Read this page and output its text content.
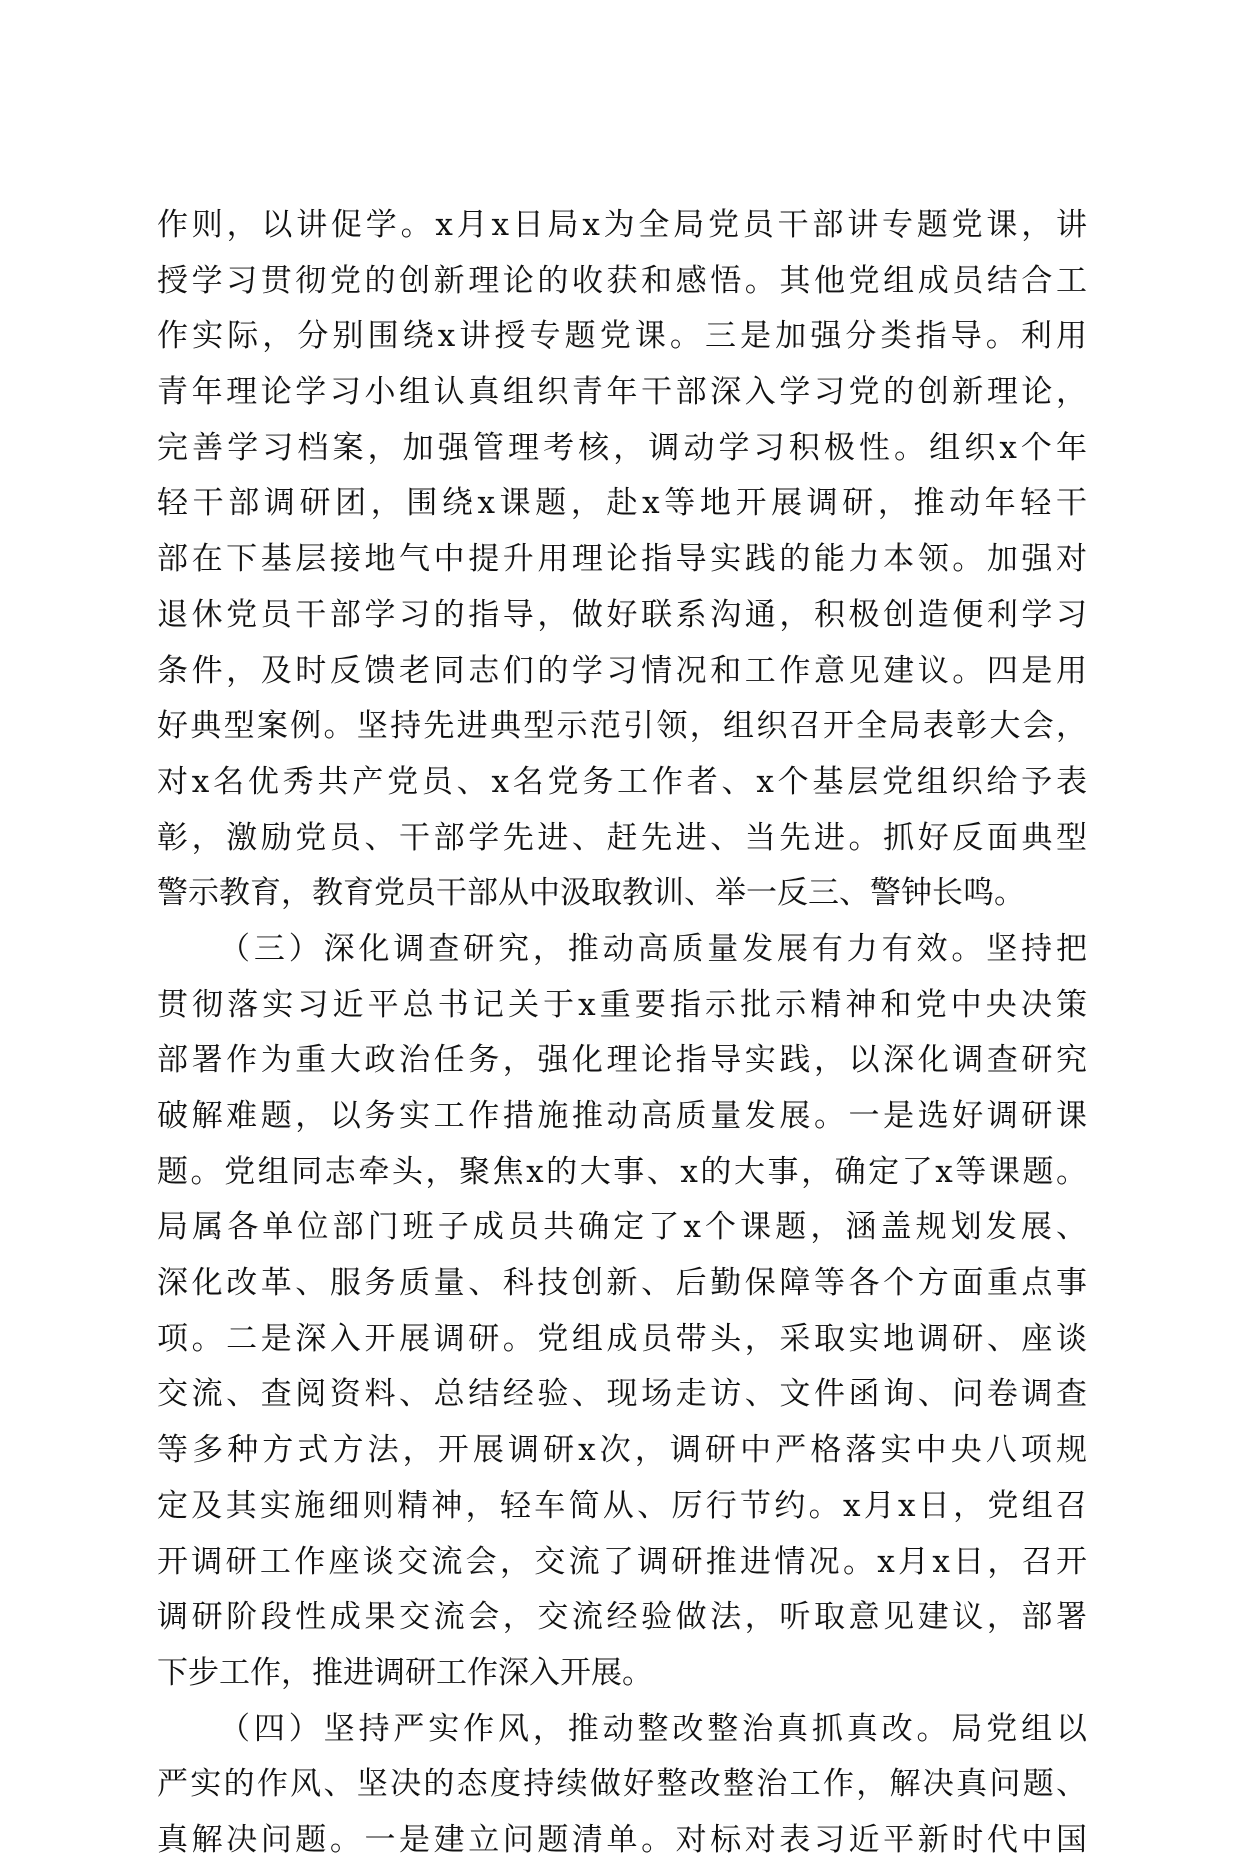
作则，以讲促学。x月x日局x为全局党员干部讲专题党课，讲
授学习贯彻党的创新理论的收获和感悟。其他党组成员结合工
作实际，分别围绕x讲授专题党课。三是加强分类指导。利用
青年理论学习小组认真组织青年干部深入学习党的创新理论，
完善学习档案，加强管理考核，调动学习积极性。组织x个年
轻干部调研团，围绕x课题，赴x等地开展调研，推动年轻干
部在下基层接地气中提升用理论指导实践的能力本领。加强对
退休党员干部学习的指导，做好联系沟通，积极创造便利学习
条件，及时反馈老同志们的学习情况和工作意见建议。四是用
好典型案例。坚持先进典型示范引领，组织召开全局表彰大会，
对x名优秀共产党员、x名党务工作者、x个基层党组织给予表
彰，激励党员、干部学先进、赶先进、当先进。抓好反面典型
警示教育，教育党员干部从中汲取教训、举一反三、警钟长鸣。
（三）深化调查研究，推动高质量发展有力有效。坚持把
贯彻落实习近平总书记关于x重要指示批示精神和党中央决策
部署作为重大政治任务，强化理论指导实践，以深化调查研究
破解难题，以务实工作措施推动高质量发展。一是选好调研课
题。党组同志牵头，聚焦x的大事、x的大事，确定了x等课题。
局属各单位部门班子成员共确定了x个课题，涵盖规划发展、
深化改革、服务质量、科技创新、后勤保障等各个方面重点事
项。二是深入开展调研。党组成员带头，采取实地调研、座谈
交流、查阅资料、总结经验、现场走访、文件函询、问卷调查
等多种方式方法，开展调研x次，调研中严格落实中央八项规
定及其实施细则精神，轻车简从、厉行节约。x月x日，党组召
开调研工作座谈交流会，交流了调研推进情况。x月x日，召开
调研阶段性成果交流会，交流经验做法，听取意见建议，部署
下步工作，推进调研工作深入开展。
（四）坚持严实作风，推动整改整治真抓真改。局党组以
严实的作风、坚决的态度持续做好整改整治工作，解决真问题、
真解决问题。一是建立问题清单。对标对表习近平新时代中国
